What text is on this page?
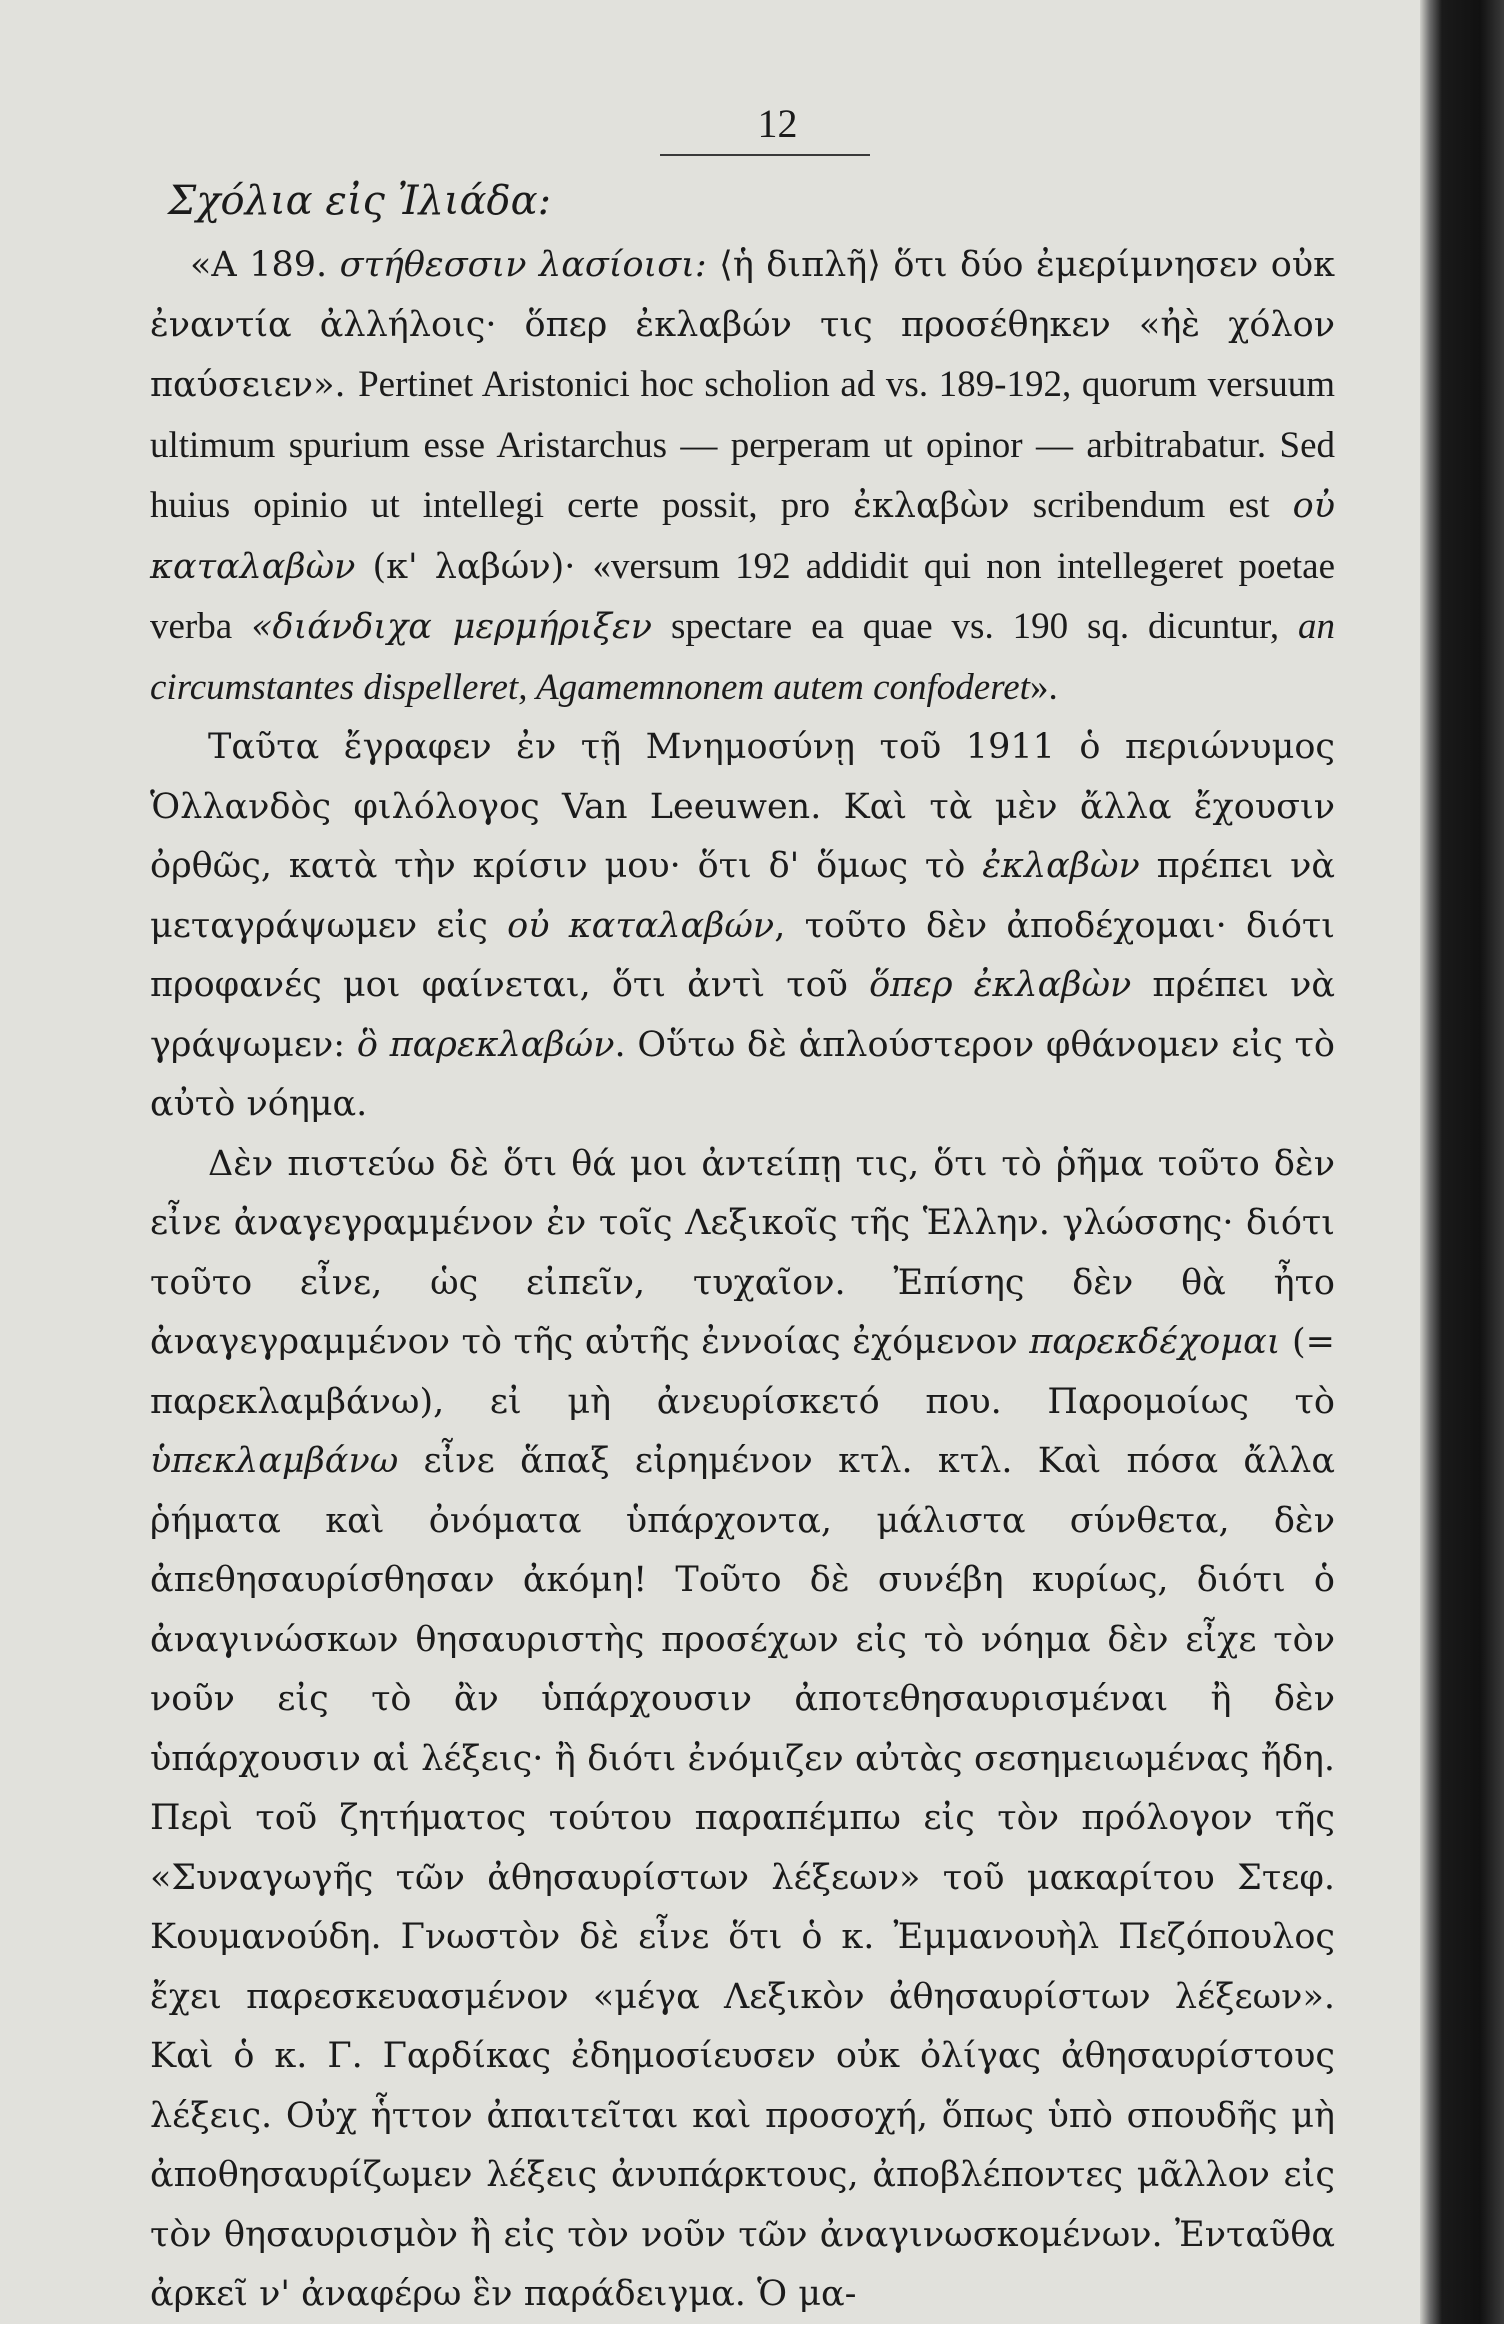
12
Σχόλια εἰς Ἰλιάδα:

«Α 189. στήθεσσιν λασίοισι: ⟨ἡ διπλῆ⟩ ὅτι δύο ἐμερίμνησεν οὐκ ἐναντία ἀλλήλοις· ὅπερ ἐκλαβών τις προσέθηκεν «ἠὲ χόλον παύσειεν». Pertinet Aristonici hoc scholion ad vs. 189-192, quorum versuum ultimum spurium esse Aristarchus — perperam ut opinor — arbitrabatur. Sed huius opinio ut intellegi certe possit, pro ἐκλαβὼν scribendum est οὐ καταλαβὼν (κ' λαβών)· «versum 192 addidit qui non intellegeret poetae verba «διάνδιχα μερμήριξεν spectare ea quae vs. 190 sq. dicuntur, an circumstantes dispelleret, Agamemnonem autem confoderet».

Ταῦτα ἔγραφεν ἐν τῇ Μνημοσύνῃ τοῦ 1911 ὁ περιώνυμος Ὁλλανδὸς φιλόλογος Van Leeuwen. Καὶ τὰ μὲν ἄλλα ἔχουσιν ὀρθῶς, κατὰ τὴν κρίσιν μου· ὅτι δ' ὅμως τὸ ἐκλαβὼν πρέπει νὰ μεταγράψωμεν εἰς οὐ καταλαβών, τοῦτο δὲν ἀποδέχομαι· διότι προφανές μοι φαίνεται, ὅτι ἀντὶ τοῦ ὅπερ ἐκλαβὼν πρέπει νὰ γράψωμεν: ὃ παρεκλαβών. Οὕτω δὲ ἁπλούστερον φθάνομεν εἰς τὸ αὐτὸ νόημα.

Δὲν πιστεύω δὲ ὅτι θά μοι ἀντείπῃ τις, ὅτι τὸ ῥῆμα τοῦτο δὲν εἶνε ἀναγεγραμμένον ἐν τοῖς Λεξικοῖς τῆς Ἑλλην. γλώσσης· διότι τοῦτο εἶνε, ὡς εἰπεῖν, τυχαῖον. Ἐπίσης δὲν θὰ ἦτο ἀναγεγραμμένον τὸ τῆς αὐτῆς ἐννοίας ἐχόμενον παρεκδέχομαι (= παρεκλαμβάνω), εἰ μὴ ἀνευρίσκετό που. Παρομοίως τὸ ὑπεκλαμβάνω εἶνε ἅπαξ εἰρημένον κτλ. κτλ. Καὶ πόσα ἄλλα ῥήματα καὶ ὀνόματα ὑπάρχοντα, μάλιστα σύνθετα, δὲν ἀπεθησαυρίσθησαν ἀκόμη! Τοῦτο δὲ συνέβη κυρίως, διότι ὁ ἀναγινώσκων θησαυριστὴς προσέχων εἰς τὸ νόημα δὲν εἶχε τὸν νοῦν εἰς τὸ ἂν ὑπάρχουσιν ἀποτεθησαυρισμέναι ἢ δὲν ὑπάρχουσιν αἱ λέξεις· ἢ διότι ἐνόμιζεν αὐτὰς σεσημειωμένας ἤδη. Περὶ τοῦ ζητήματος τούτου παραπέμπω εἰς τὸν πρόλογον τῆς «Συναγωγῆς τῶν ἀθησαυρίστων λέξεων» τοῦ μακαρίτου Στεφ. Κουμανούδη. Γνωστὸν δὲ εἶνε ὅτι ὁ κ. Ἐμμανουὴλ Πεζόπουλος ἔχει παρεσκευασμένον «μέγα Λεξικὸν ἀθησαυρίστων λέξεων». Καὶ ὁ κ. Γ. Γαρδίκας ἐδημοσίευσεν οὐκ ὀλίγας ἀθησαυρίστους λέξεις. Οὐχ ἧττον ἀπαιτεῖται καὶ προσοχή, ὅπως ὑπὸ σπουδῆς μὴ ἀποθησαυρίζωμεν λέξεις ἀνυπάρκτους, ἀποβλέποντες μᾶλλον εἰς τὸν θησαυρισμὸν ἢ εἰς τὸν νοῦν τῶν ἀναγινωσκομένων. Ἐνταῦθα ἀρκεῖ ν' ἀναφέρω ἓν παράδειγμα. Ὁ μα-
